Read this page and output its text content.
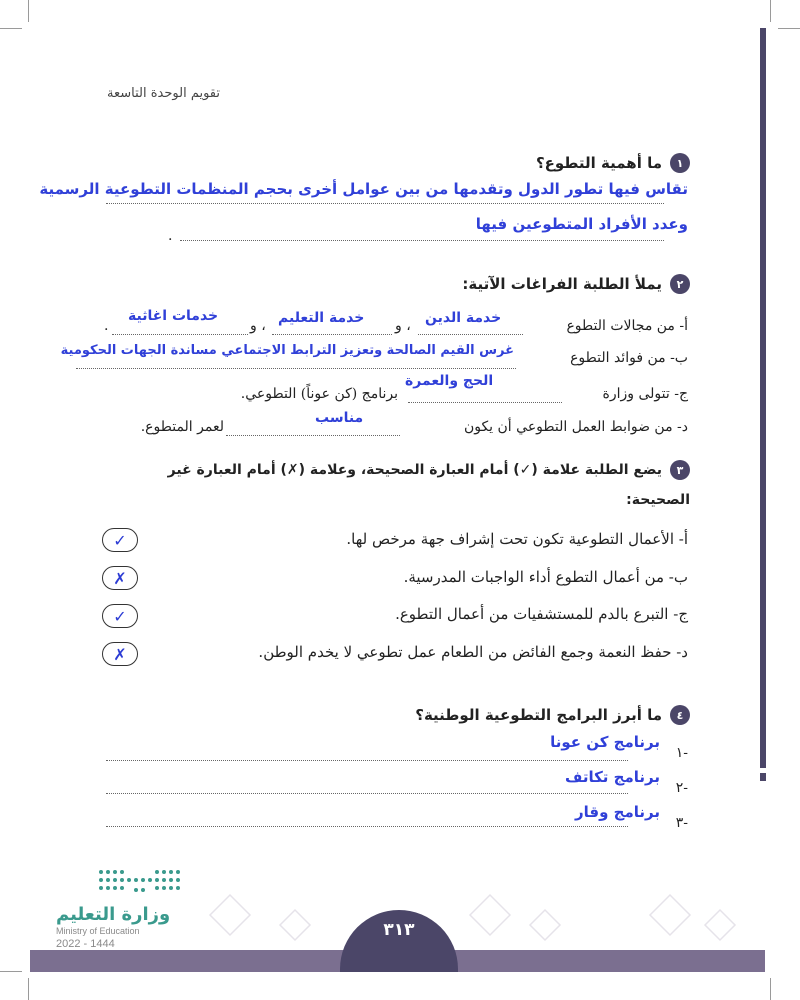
تقويم الوحدة التاسعة
١
ما أهمية التطوع؟
تقاس فيها تطور الدول وتقدمها من بين عوامل أخرى بحجم المنظمات التطوعية الرسمية
وعدد الأفراد المتطوعين فيها
.
٢
يملأ الطلبة الفراغات الآتية:
أ- من مجالات التطوع
خدمة الدين
، و
خدمة التعليم
، و
خدمات اغاثية
.
ب- من فوائد التطوع
غرس القيم الصالحة وتعزيز الترابط الاجتماعي مساندة الجهات الحكومية
ج- تتولى وزارة
الحج والعمرة
برنامج (كن عوناً) التطوعي.
د- من ضوابط العمل التطوعي أن يكون
مناسب
لعمر المتطوع.
٣
يضع الطلبة علامة (✓) أمام العبارة الصحيحة، وعلامة (✗) أمام العبارة غير
الصحيحة:
أ- الأعمال التطوعية تكون تحت إشراف جهة مرخص لها.
✓
ب- من أعمال التطوع أداء الواجبات المدرسية.
✗
ج- التبرع بالدم للمستشفيات من أعمال التطوع.
✓
د- حفظ النعمة وجمع الفائض من الطعام عمل تطوعي لا يخدم الوطن.
✗
٤
ما أبرز البرامج التطوعية الوطنية؟
-١
برنامج كن عونا
-٢
برنامج تكاتف
-٣
برنامج وقار
وزارة التعليم
Ministry of Education
2022 - 1444
٣١٣
